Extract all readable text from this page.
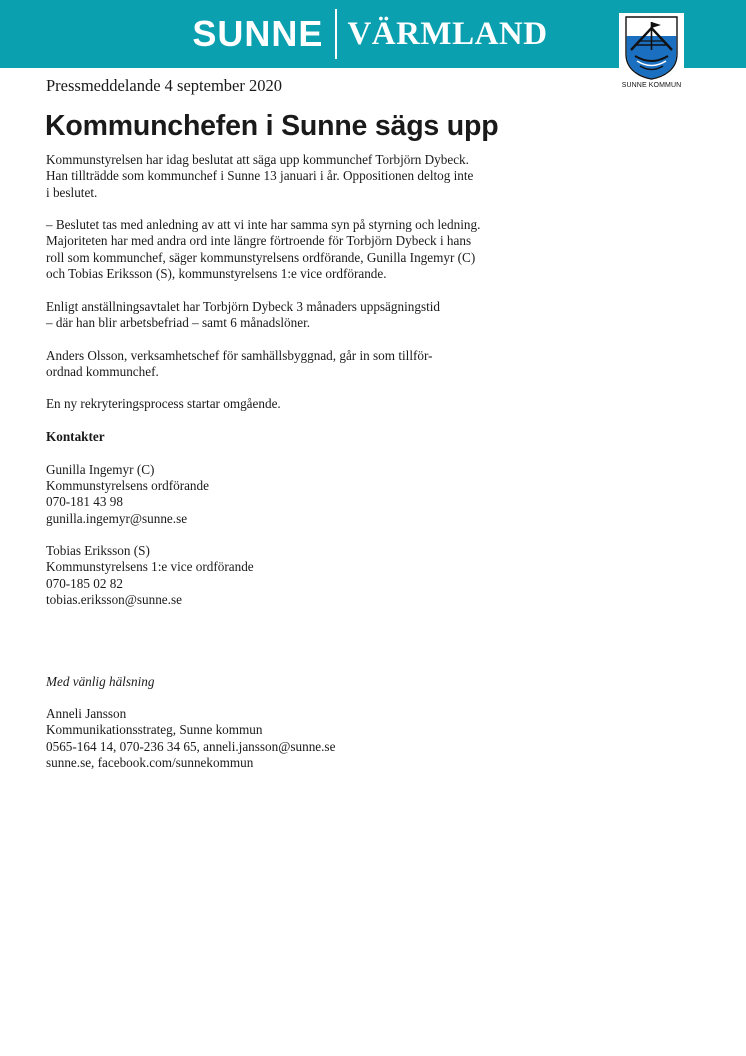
SUNNE VÄRMLAND
SUNNE KOMMUN
Pressmeddelande 4 september 2020
Kommunchefen i Sunne sägs upp

Kommunstyrelsen har idag beslutat att säga upp kommunchef Torbjörn Dybeck.
Han tillträdde som kommunchef i Sunne 13 januari i år. Oppositionen deltog inte
i beslutet.

– Beslutet tas med anledning av att vi inte har samma syn på styrning och ledning.
Majoriteten har med andra ord inte längre förtroende för Torbjörn Dybeck i hans
roll som kommunchef, säger kommunstyrelsens ordförande, Gunilla Ingemyr (C)
och Tobias Eriksson (S), kommunstyrelsens 1:e vice ordförande.

Enligt anställningsavtalet har Torbjörn Dybeck 3 månaders uppsägningstid
– där han blir arbetsbefriad – samt 6 månadslöner.

Anders Olsson, verksamhetschef för samhällsbyggnad, går in som tillför-
ordnad kommunchef.

En ny rekryteringsprocess startar omgående.

Kontakter

Gunilla Ingemyr (C)
Kommunstyrelsens ordförande
070-181 43 98
gunilla.ingemyr@sunne.se

Tobias Eriksson (S)
Kommunstyrelsens 1:e vice ordförande
070-185 02 82
tobias.eriksson@sunne.se

Med vänlig hälsning

Anneli Jansson
Kommunikationsstrateg, Sunne kommun
0565-164 14, 070-236 34 65, anneli.jansson@sunne.se
sunne.se, facebook.com/sunnekommun
